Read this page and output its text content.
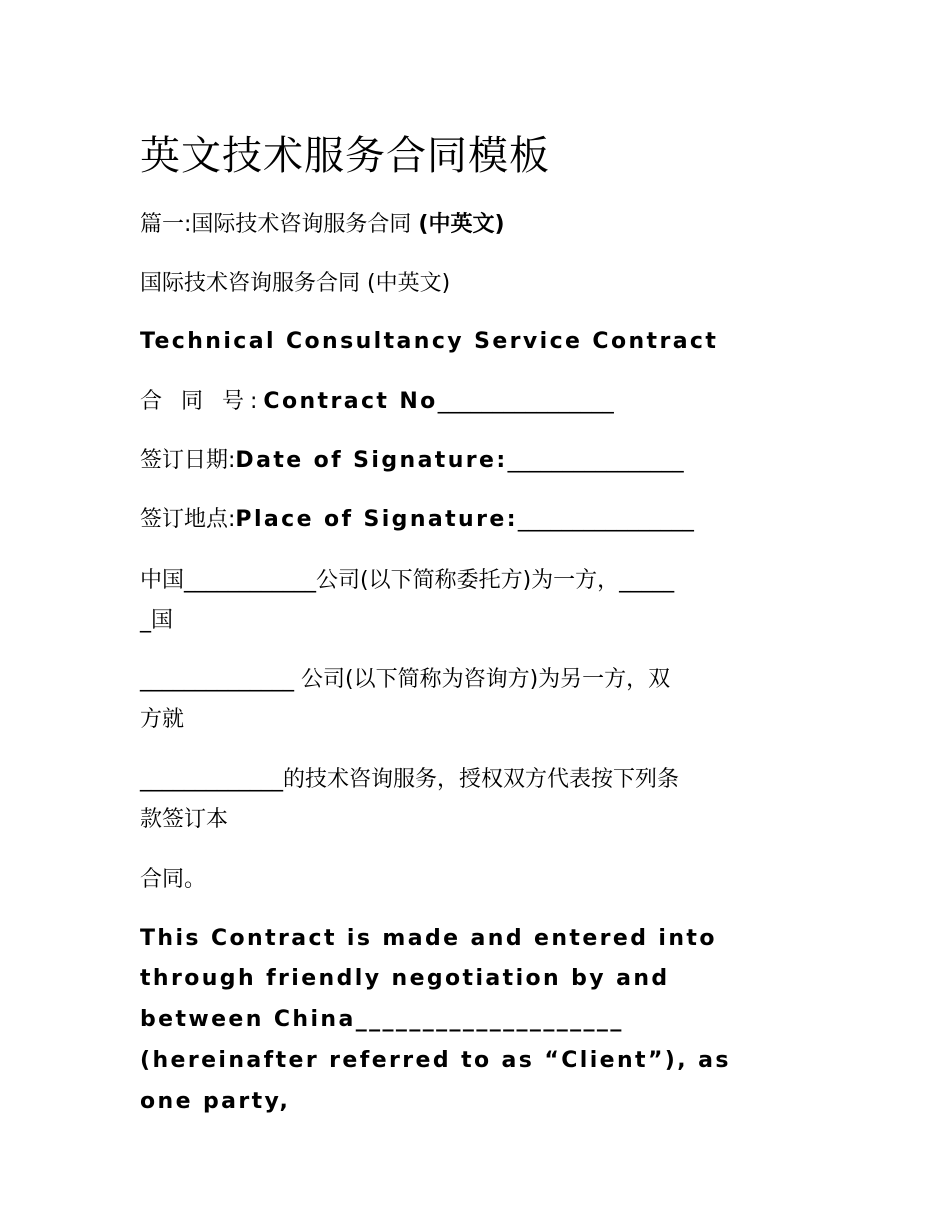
英文技术服务合同模板
篇一:国际技术咨询服务合同 (中英文)
国际技术咨询服务合同 (中英文)
Technical Consultancy Service Contract
合 同 号:Contract No________________
签订日期:Date of Signature:________________
签订地点:Place of Signature:________________
中国____________公司(以下简称委托方)为一方，_____
_国
______________ 公司(以下简称为咨询方)为另一方，双
方就
_____________的技术咨询服务，授权双方代表按下列条
款签订本
合同。
This Contract is made and entered into
through friendly negotiation by and
between China____________________
(hereinafter referred to as “Client”), as
one party,
